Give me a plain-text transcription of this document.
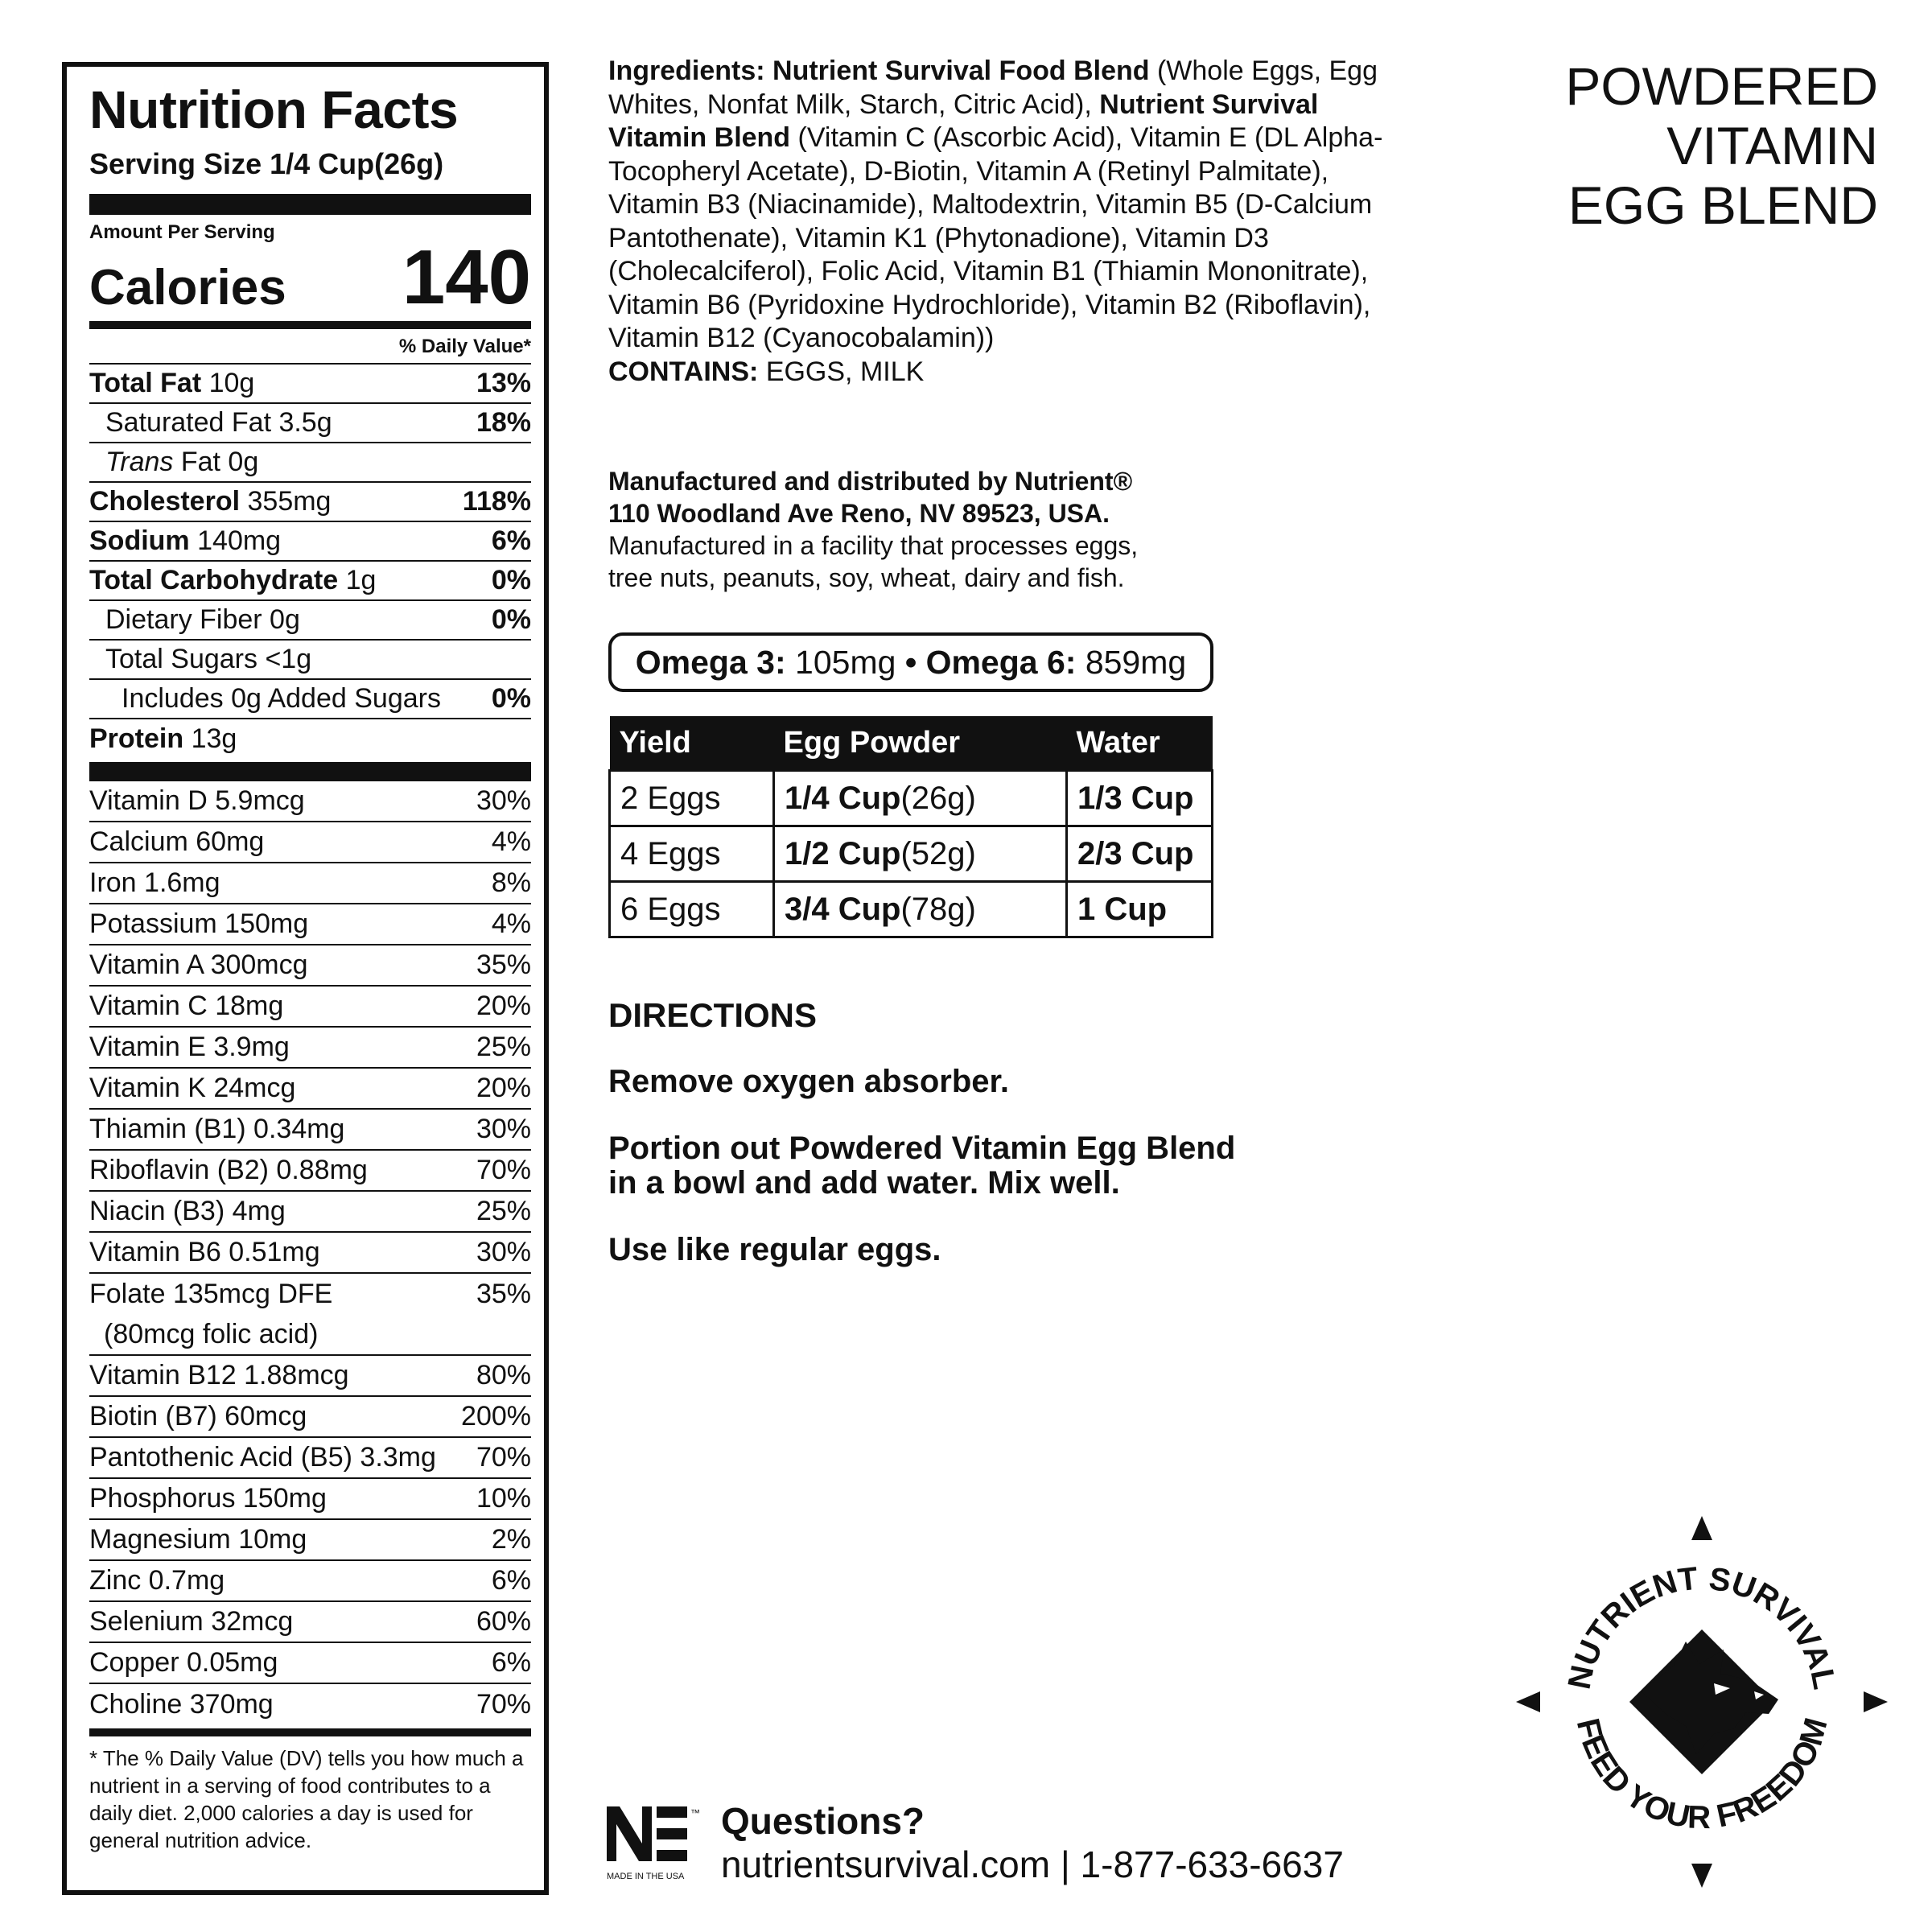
Nutrition Facts
Serving Size 1/4 Cup(26g)
Amount Per Serving
Calories 140
% Daily Value*
Total Fat 10g	13%
Saturated Fat 3.5g	18%
Trans Fat 0g
Cholesterol 355mg	118%
Sodium 140mg	6%
Total Carbohydrate 1g	0%
Dietary Fiber 0g	0%
Total Sugars <1g
Includes 0g Added Sugars 0%
Protein 13g
Vitamin D 5.9mcg	30%
Calcium 60mg	4%
Iron 1.6mg	8%
Potassium 150mg	4%
Vitamin A 300mcg	35%
Vitamin C 18mg	20%
Vitamin E 3.9mg	25%
Vitamin K 24mcg	20%
Thiamin (B1) 0.34mg	30%
Riboflavin (B2) 0.88mg	70%
Niacin (B3) 4mg	25%
Vitamin B6 0.51mg	30%
Folate 135mcg DFE	35%
(80mcg folic acid)
Vitamin B12 1.88mcg	80%
Biotin (B7) 60mcg	200%
Pantothenic Acid (B5) 3.3mg 70%
Phosphorus 150mg	10%
Magnesium 10mg	2%
Zinc 0.7mg	6%
Selenium 32mcg	60%
Copper 0.05mg	6%
Choline 370mg	70%
* The % Daily Value (DV) tells you how much a nutrient in a serving of food contributes to a daily diet. 2,000 calories a day is used for general nutrition advice.
Ingredients: Nutrient Survival Food Blend (Whole Eggs, Egg Whites, Nonfat Milk, Starch, Citric Acid), Nutrient Survival Vitamin Blend (Vitamin C (Ascorbic Acid), Vitamin E (DL Alpha-Tocopheryl Acetate), D-Biotin, Vitamin A (Retinyl Palmitate), Vitamin B3 (Niacinamide), Maltodextrin, Vitamin B5 (D-Calcium Pantothenate), Vitamin K1 (Phytonadione), Vitamin D3 (Cholecalciferol), Folic Acid, Vitamin B1 (Thiamin Mononitrate), Vitamin B6 (Pyridoxine Hydrochloride), Vitamin B2 (Riboflavin), Vitamin B12 (Cyanocobalamin))
CONTAINS: EGGS, MILK
Manufactured and distributed by Nutrient®
110 Woodland Ave Reno, NV 89523, USA.
Manufactured in a facility that processes eggs,
tree nuts, peanuts, soy, wheat, dairy and fish.
Omega 3:
105mg
•
Omega 6:
859mg
Yield	Egg Powder	Water
2 Eggs	1/4 Cup(26g)	1/3 Cup
4 Eggs	1/2 Cup(52g)	2/3 Cup
6 Eggs	3/4 Cup(78g)	1 Cup
DIRECTIONS

Remove oxygen absorber.

Portion out Powdered Vitamin Egg Blend
in a bowl and add water. Mix well.

Use like regular eggs.

POWDERED
VITAMIN
EGG BLEND
™
MADE IN THE USA
Questions?
nutrientsurvival.com | 1-877-633-6637
NUTRIENT SURVIVAL
FEED YOUR FREEDOM
